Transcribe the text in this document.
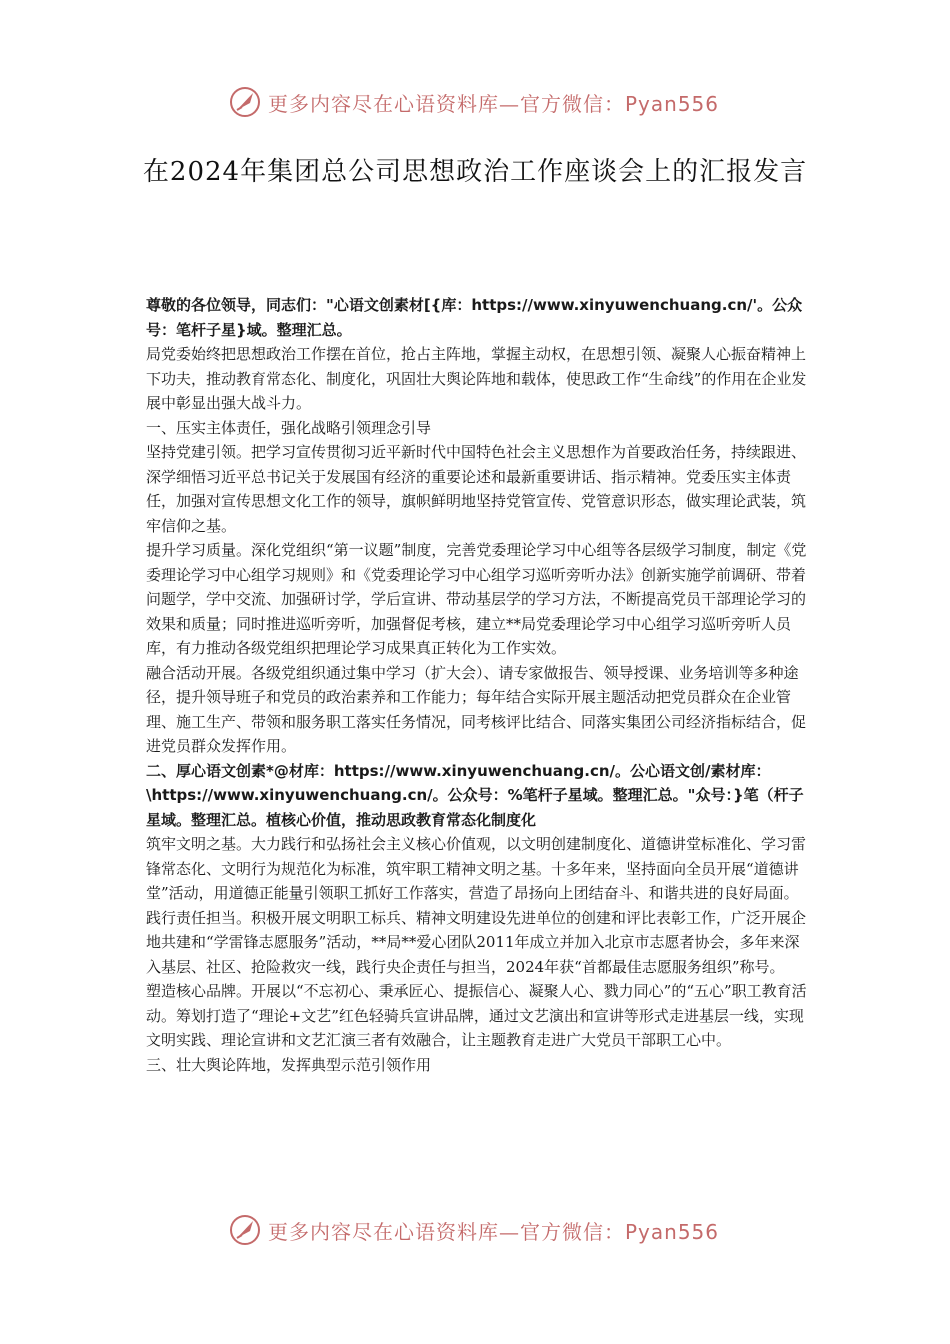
更多内容尽在心语资料库—官方微信：Pyan556
在2024年集团总公司思想政治工作座谈会上的汇报发言

尊敬的各位领导，同志们："心语文创素材[{库：https://www.xinyuwenchuang.cn/'。公众号：笔杆子星}域。整理汇总。

局党委始终把思想政治工作摆在首位，抢占主阵地，掌握主动权，在思想引领、凝聚人心振奋精神上下功夫，推动教育常态化、制度化，巩固壮大舆论阵地和载体，使思政工作“生命线”的作用在企业发展中彰显出强大战斗力。

一、压实主体责任，强化战略引领理念引导

坚持党建引领。把学习宣传贯彻习近平新时代中国特色社会主义思想作为首要政治任务，持续跟进、深学细悟习近平总书记关于发展国有经济的重要论述和最新重要讲话、指示精神。党委压实主体责任，加强对宣传思想文化工作的领导，旗帜鲜明地坚持党管宣传、党管意识形态，做实理论武装，筑牢信仰之基。

提升学习质量。深化党组织“第一议题”制度，完善党委理论学习中心组等各层级学习制度，制定《党委理论学习中心组学习规则》和《党委理论学习中心组学习巡听旁听办法》创新实施学前调研、带着问题学，学中交流、加强研讨学，学后宣讲、带动基层学的学习方法，不断提高党员干部理论学习的效果和质量；同时推进巡听旁听，加强督促考核，建立**局党委理论学习中心组学习巡听旁听人员库，有力推动各级党组织把理论学习成果真正转化为工作实效。

融合活动开展。各级党组织通过集中学习（扩大会）、请专家做报告、领导授课、业务培训等多种途径，提升领导班子和党员的政治素养和工作能力；每年结合实际开展主题活动把党员群众在企业管理、施工生产、带领和服务职工落实任务情况，同考核评比结合、同落实集团公司经济指标结合，促进党员群众发挥作用。

二、厚心语文创素*@材库：https://www.xinyuwenchuang.cn/。公心语文创/素材库：\https://www.xinyuwenchuang.cn/。公众号：%笔杆子星域。整理汇总。"众号：}笔（杆子星域。整理汇总。植核心价值，推动思政教育常态化制度化

筑牢文明之基。大力践行和弘扬社会主义核心价值观，以文明创建制度化、道德讲堂标准化、学习雷锋常态化、文明行为规范化为标准，筑牢职工精神文明之基。十多年来，坚持面向全员开展“道德讲堂”活动，用道德正能量引领职工抓好工作落实，营造了昂扬向上团结奋斗、和谐共进的良好局面。

践行责任担当。积极开展文明职工标兵、精神文明建设先进单位的创建和评比表彰工作，广泛开展企地共建和“学雷锋志愿服务”活动，**局**爱心团队2011年成立并加入北京市志愿者协会，多年来深入基层、社区、抢险救灾一线，践行央企责任与担当，2024年获“首都最佳志愿服务组织”称号。

塑造核心品牌。开展以“不忘初心、秉承匠心、提振信心、凝聚人心、戮力同心”的“五心”职工教育活动。筹划打造了“理论+文艺”红色轻骑兵宣讲品牌，通过文艺演出和宣讲等形式走进基层一线，实现文明实践、理论宣讲和文艺汇演三者有效融合，让主题教育走进广大党员干部职工心中。

三、壮大舆论阵地，发挥典型示范引领作用

更多内容尽在心语资料库—官方微信：Pyan556
